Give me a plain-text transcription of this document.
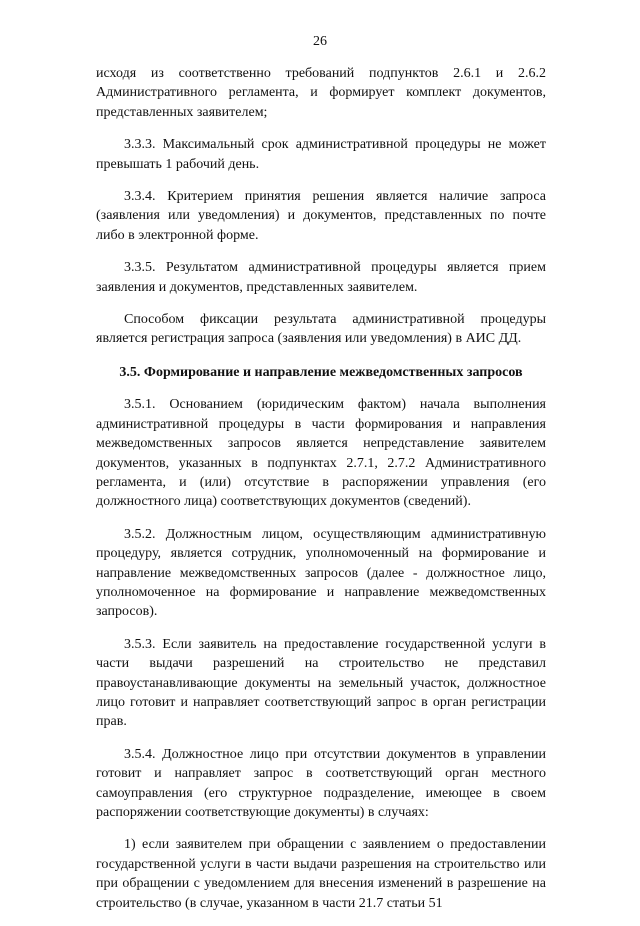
26

исходя из соответственно требований подпунктов 2.6.1 и 2.6.2 Административного регламента, и формирует комплект документов, представленных заявителем;

3.3.3. Максимальный срок административной процедуры не может превышать 1 рабочий день.

3.3.4. Критерием принятия решения является наличие запроса (заявления или уведомления) и документов, представленных по почте либо в электронной форме.

3.3.5. Результатом административной процедуры является прием заявления и документов, представленных заявителем.

Способом фиксации результата административной процедуры является регистрация запроса (заявления или уведомления) в АИС ДД.

3.5. Формирование и направление межведомственных запросов

3.5.1. Основанием (юридическим фактом) начала выполнения административной процедуры в части формирования и направления межведомственных запросов является непредставление заявителем документов, указанных в подпунктах 2.7.1, 2.7.2 Административного регламента, и (или) отсутствие в распоряжении управления (его должностного лица) соответствующих документов (сведений).

3.5.2. Должностным лицом, осуществляющим административную процедуру, является сотрудник, уполномоченный на формирование и направление межведомственных запросов (далее - должностное лицо, уполномоченное на формирование и направление межведомственных запросов).

3.5.3. Если заявитель на предоставление государственной услуги в части выдачи разрешений на строительство не представил правоустанавливающие документы на земельный участок, должностное лицо готовит и направляет соответствующий запрос в орган регистрации прав.

3.5.4. Должностное лицо при отсутствии документов в управлении готовит и направляет запрос в соответствующий орган местного самоуправления (его структурное подразделение, имеющее в своем распоряжении соответствующие документы) в случаях:

1) если заявителем при обращении с заявлением о предоставлении государственной услуги в части выдачи разрешения на строительство или при обращении с уведомлением для внесения изменений в разрешение на строительство (в случае, указанном в части 21.7 статьи 51
